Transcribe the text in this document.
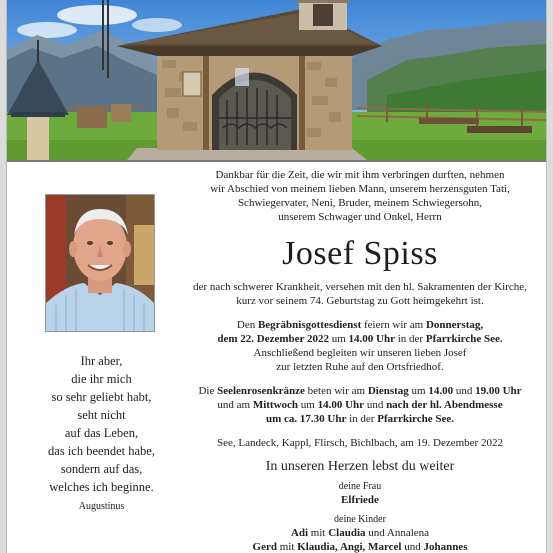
Ihr aber,
die ihr mich
so sehr geliebt habt,
seht nicht
auf das Leben,
das ich beendet habe,
sondern auf das,
welches ich beginne.
Augustinus
Dankbar für die Zeit, die wir mit ihm verbringen durften, nehmen
wir Abschied von meinem lieben Mann, unserem herzensguten Tati,
Schwiegervater, Neni, Bruder, meinem Schwiegersohn,
unserem Schwager und Onkel, Herrn
Josef Spiss
der nach schwerer Krankheit, versehen mit den hl. Sakramenten der Kirche,
kurz vor seinem 74. Geburtstag zu Gott heimgekehrt ist.
Den Begräbnisgottesdienst feiern wir am Donnerstag,
dem 22. Dezember 2022 um 14.00 Uhr in der Pfarrkirche See.
Anschließend begleiten wir unseren lieben Josef
zur letzten Ruhe auf den Ortsfriedhof.
Die Seelenrosenkränze beten wir am Dienstag um 14.00 und 19.00 Uhr
und am Mittwoch um 14.00 Uhr und nach der hl. Abendmesse
um ca. 17.30 Uhr in der Pfarrkirche See.
See, Landeck, Kappl, Flirsch, Bichlbach, am 19. Dezember 2022
In unseren Herzen lebst du weiter
deine Frau
Elfriede
deine Kinder
Adi mit Claudia und Annalena
Gerd mit Klaudia, Angi, Marcel und Johannes
